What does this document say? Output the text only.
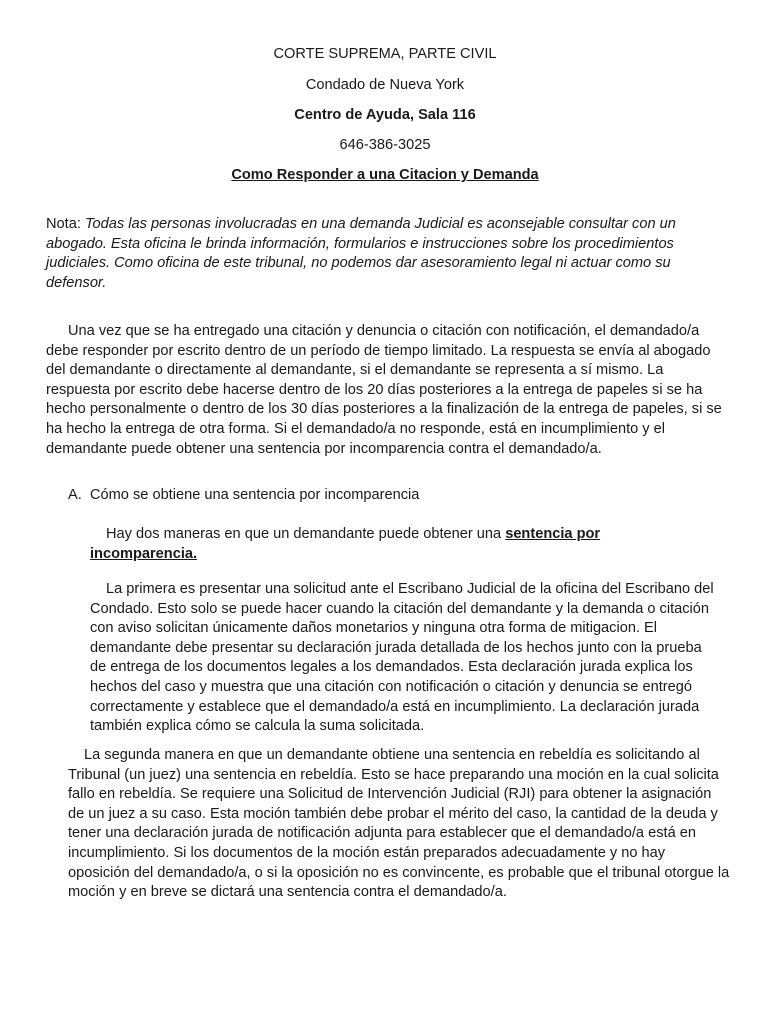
CORTE SUPREMA, PARTE CIVIL
Condado de Nueva York
Centro de Ayuda, Sala 116
646-386-3025
Como Responder a una Citacion y Demanda

Nota: Todas las personas involucradas en una demanda Judicial es aconsejable consultar con un abogado. Esta oficina le brinda información, formularios e instrucciones sobre los procedimientos judiciales. Como oficina de este tribunal, no podemos dar asesoramiento legal ni actuar como su defensor.

Una vez que se ha entregado una citación y denuncia o citación con notificación, el demandado/a debe responder por escrito dentro de un período de tiempo limitado. La respuesta se envía al abogado del demandante o directamente al demandante, si el demandante se representa a sí mismo. La respuesta por escrito debe hacerse dentro de los 20 días posteriores a la entrega de papeles si se ha hecho personalmente o dentro de los 30 días posteriores a la finalización de la entrega de papeles, si se ha hecho la entrega de otra forma. Si el demandado/a no responde, está en incumplimiento y el demandante puede obtener una sentencia por incomparencia contra el demandado/a.

A. Cómo se obtiene una sentencia por incomparencia

Hay dos maneras en que un demandante puede obtener una sentencia por incomparencia.

La primera es presentar una solicitud ante el Escribano Judicial de la oficina del Escribano del Condado. Esto solo se puede hacer cuando la citación del demandante y la demanda o citación con aviso solicitan únicamente daños monetarios y ninguna otra forma de mitigacion. El demandante debe presentar su declaración jurada detallada de los hechos junto con la prueba de entrega de los documentos legales a los demandados. Esta declaración jurada explica los hechos del caso y muestra que una citación con notificación o citación y denuncia se entregó correctamente y establece que el demandado/a está en incumplimiento. La declaración jurada también explica cómo se calcula la suma solicitada.

La segunda manera en que un demandante obtiene una sentencia en rebeldía es solicitando al Tribunal (un juez) una sentencia en rebeldía. Esto se hace preparando una moción en la cual solicita fallo en rebeldía. Se requiere una Solicitud de Intervención Judicial (RJI) para obtener la asignación de un juez a su caso. Esta moción también debe probar el mérito del caso, la cantidad de la deuda y tener una declaración jurada de notificación adjunta para establecer que el demandado/a está en incumplimiento. Si los documentos de la moción están preparados adecuadamente y no hay oposición del demandado/a, o si la oposición no es convincente, es probable que el tribunal otorgue la moción y en breve se dictará una sentencia contra el demandado/a.
